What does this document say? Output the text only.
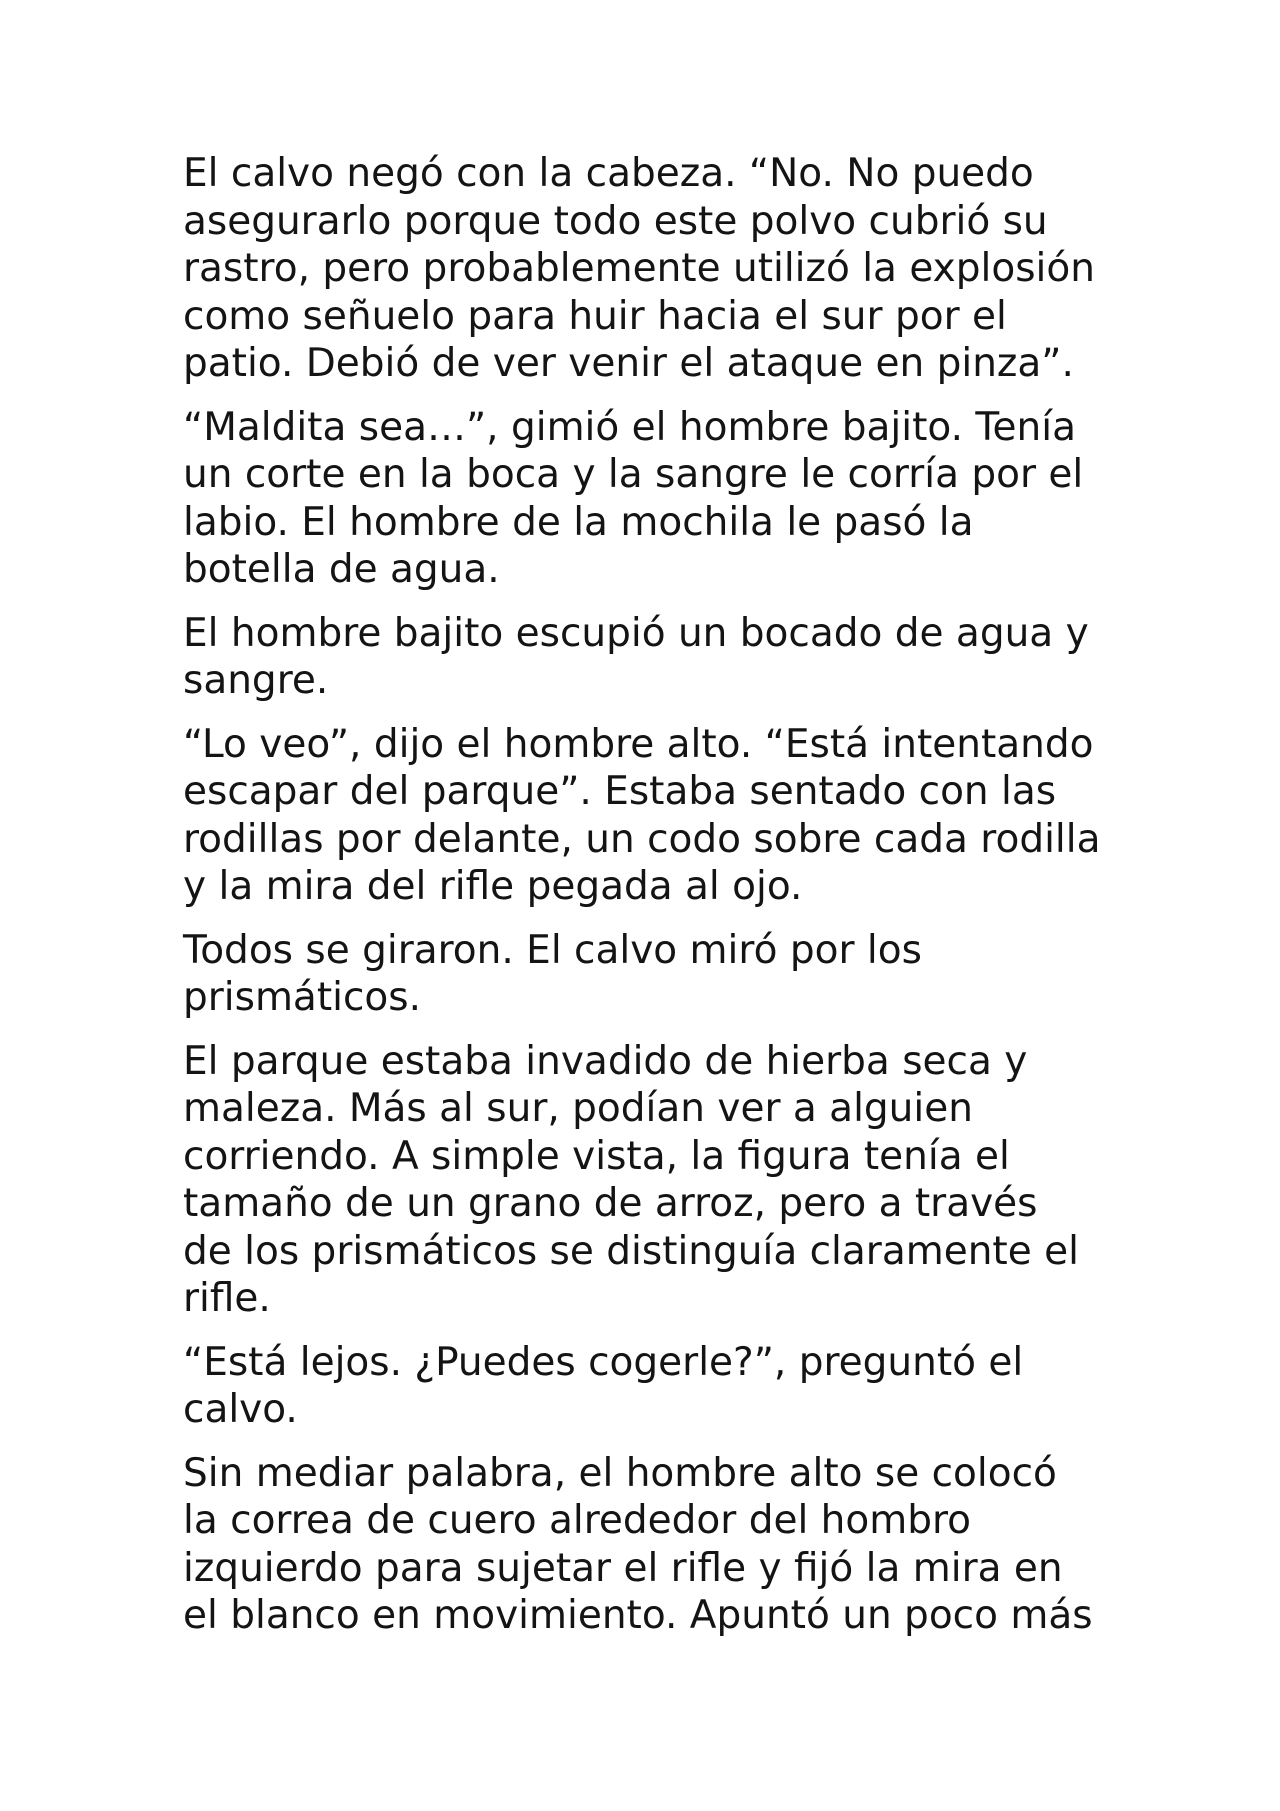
El calvo negó con la cabeza. “No. No puedo
asegurarlo porque todo este polvo cubrió su
rastro, pero probablemente utilizó la explosión
como señuelo para huir hacia el sur por el
patio. Debió de ver venir el ataque en pinza”.

“Maldita sea…”, gimió el hombre bajito. Tenía
un corte en la boca y la sangre le corría por el
labio. El hombre de la mochila le pasó la
botella de agua.

El hombre bajito escupió un bocado de agua y
sangre.

“Lo veo”, dijo el hombre alto. “Está intentando
escapar del parque”. Estaba sentado con las
rodillas por delante, un codo sobre cada rodilla
y la mira del rifle pegada al ojo.

Todos se giraron. El calvo miró por los
prismáticos.

El parque estaba invadido de hierba seca y
maleza. Más al sur, podían ver a alguien
corriendo. A simple vista, la figura tenía el
tamaño de un grano de arroz, pero a través
de los prismáticos se distinguía claramente el
rifle.

“Está lejos. ¿Puedes cogerle?”, preguntó el
calvo.

Sin mediar palabra, el hombre alto se colocó
la correa de cuero alrededor del hombro
izquierdo para sujetar el rifle y fijó la mira en
el blanco en movimiento. Apuntó un poco más
